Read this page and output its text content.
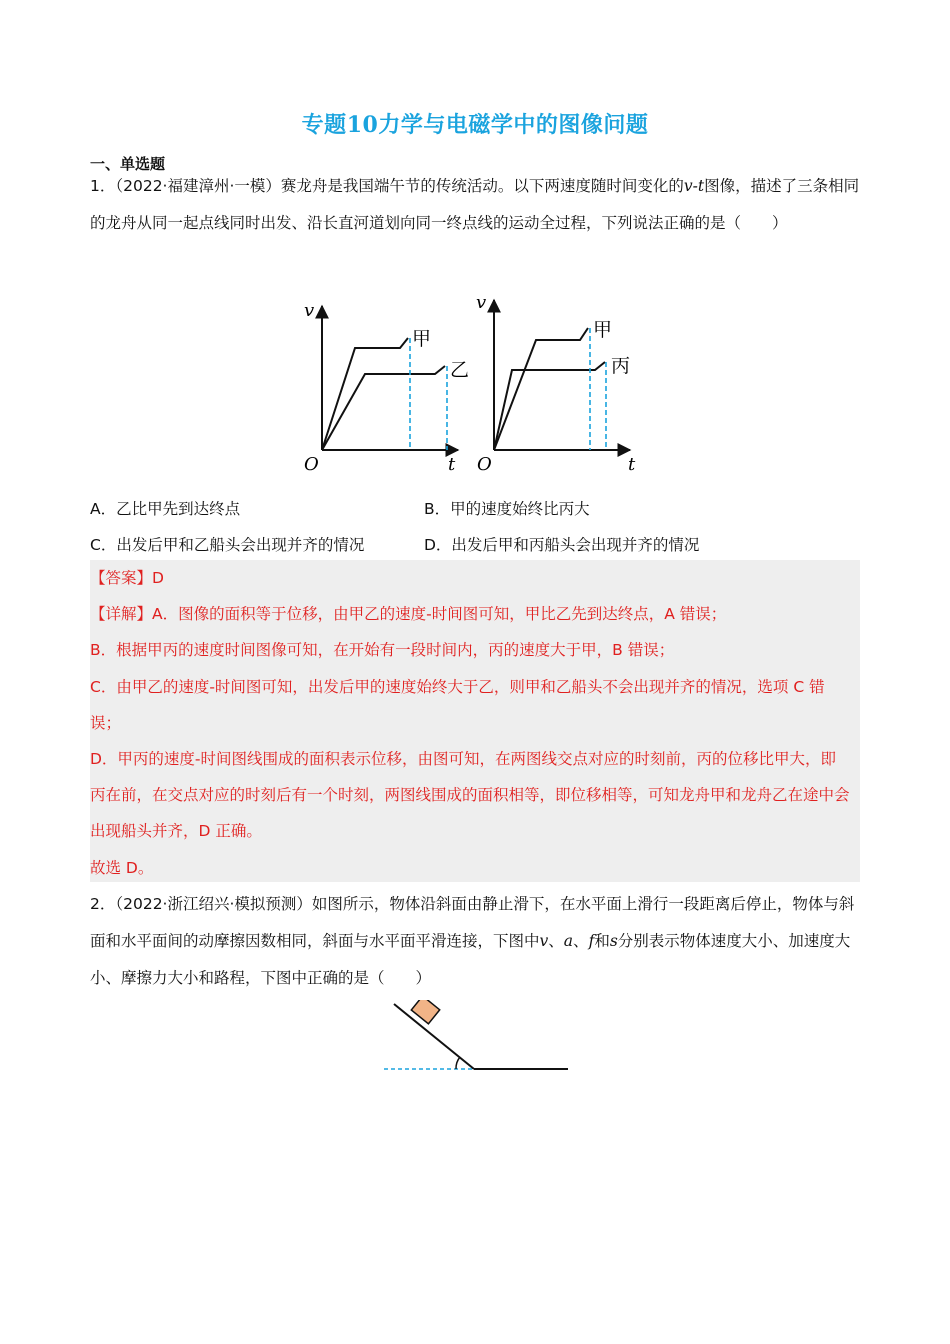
专题10力学与电磁学中的图像问题
一、单选题
1．（2022·福建漳州·一模）赛龙舟是我国端午节的传统活动。以下两速度随时间变化的v-t图像，描述了三条相同的龙舟从同一起点线同时出发、沿长直河道划向同一终点线的运动全过程，下列说法正确的是（　　）
v
O	t
甲
乙
v
O	t
甲
丙
A．乙比甲先到达终点	B．甲的速度始终比丙大
C．出发后甲和乙船头会出现并齐的情况	D．出发后甲和丙船头会出现并齐的情况
【答案】D
【详解】A．图像的面积等于位移，由甲乙的速度-时间图可知，甲比乙先到达终点，A 错误；
B．根据甲丙的速度时间图像可知，在开始有一段时间内，丙的速度大于甲，B 错误；
C．由甲乙的速度-时间图可知，出发后甲的速度始终大于乙，则甲和乙船头不会出现并齐的情况，选项 C 错误；
D．甲丙的速度-时间图线围成的面积表示位移，由图可知，在两图线交点对应的时刻前，丙的位移比甲大，即丙在前，在交点对应的时刻后有一个时刻，两图线围成的面积相等，即位移相等，可知龙舟甲和龙舟乙在途中会出现船头并齐，D 正确。
故选 D。
2．（2022·浙江绍兴·模拟预测）如图所示，物体沿斜面由静止滑下，在水平面上滑行一段距离后停止，物体与斜面和水平面间的动摩擦因数相同，斜面与水平面平滑连接，下图中v、a、f和s分别表示物体速度大小、加速度大小、摩擦力大小和路程，下图中正确的是（　　）
